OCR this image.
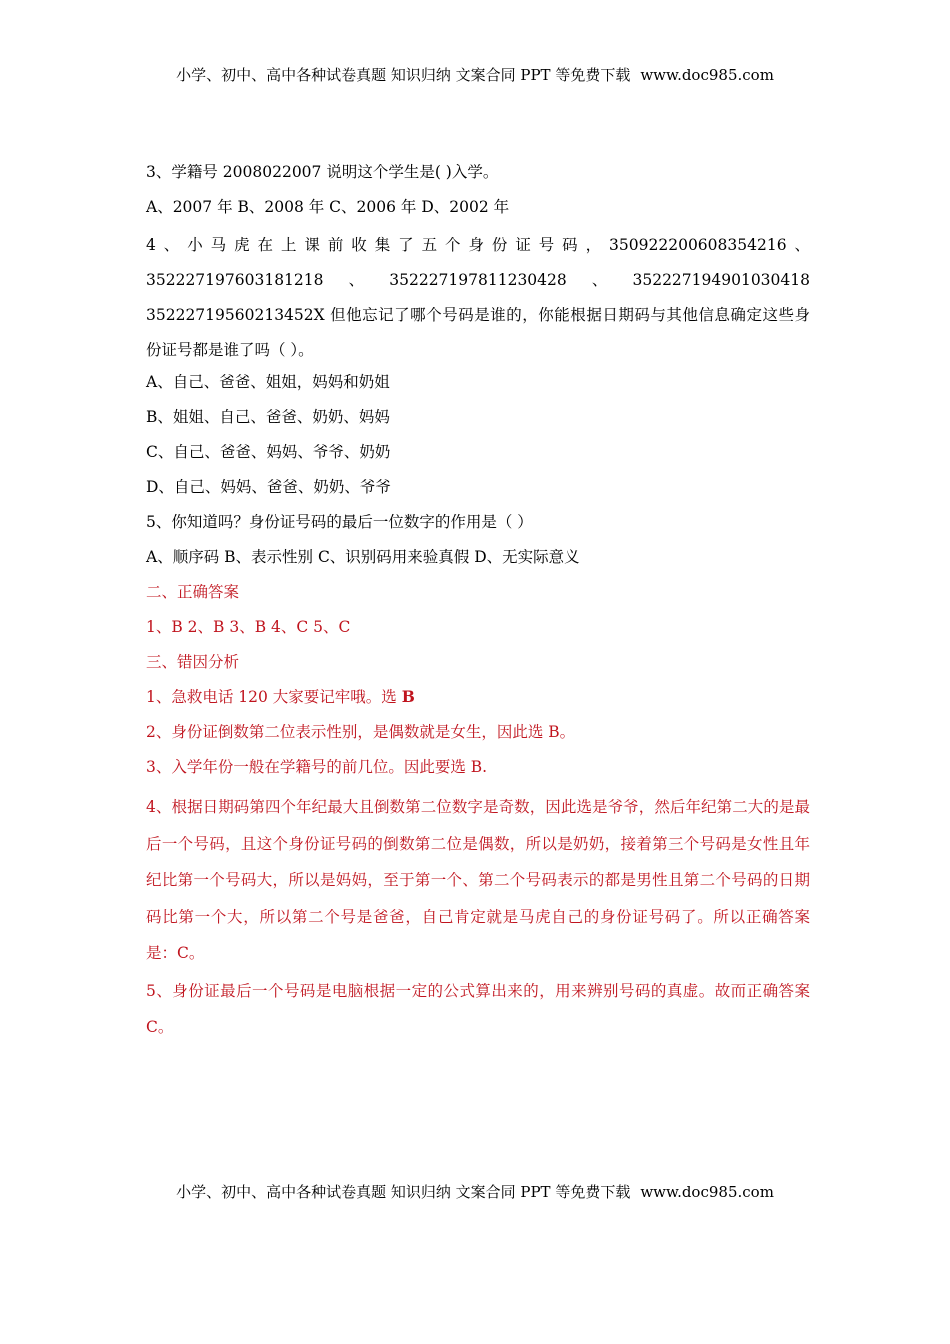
小学、初中、高中各种试卷真题 知识归纳 文案合同 PPT 等免费下载 www.doc985.com
3、学籍号 2008022007 说明这个学生是( )入学。
A、2007 年 B、2008 年 C、2006 年 D、2002 年
4、小马虎在上课前收集了五个身份证号码，350922200608354216、352227197603181218、352227197811230428、352227194901030418 35222719560213452X 但他忘记了哪个号码是谁的，你能根据日期码与其他信息确定这些身份证号都是谁了吗（ ）。
A、自己、爸爸、姐姐，妈妈和奶姐
B、姐姐、自己、爸爸、奶奶、妈妈
C、自己、爸爸、妈妈、爷爷、奶奶
D、自己、妈妈、爸爸、奶奶、爷爷
5、你知道吗？身份证号码的最后一位数字的作用是（ ）
A、顺序码 B、表示性别 C、识别码用来验真假 D、无实际意义
二、正确答案
1、B 2、B 3、B 4、C 5、C
三、错因分析
1、急救电话 120 大家要记牢哦。选 B
2、身份证倒数第二位表示性别，是偶数就是女生，因此选 B。
3、入学年份一般在学籍号的前几位。因此要选 B.
4、根据日期码第四个年纪最大且倒数第二位数字是奇数，因此选是爷爷，然后年纪第二大的是最后一个号码，且这个身份证号码的倒数第二位是偶数，所以是奶奶，接着第三个号码是女性且年纪比第一个号码大，所以是妈妈，至于第一个、第二个号码表示的都是男性且第二个号码的日期码比第一个大，所以第二个号是爸爸，自己肯定就是马虎自己的身份证号码了。所以正确答案是：C。
5、身份证最后一个号码是电脑根据一定的公式算出来的，用来辨别号码的真虚。故而正确答案 C。
小学、初中、高中各种试卷真题 知识归纳 文案合同 PPT 等免费下载 www.doc985.com
